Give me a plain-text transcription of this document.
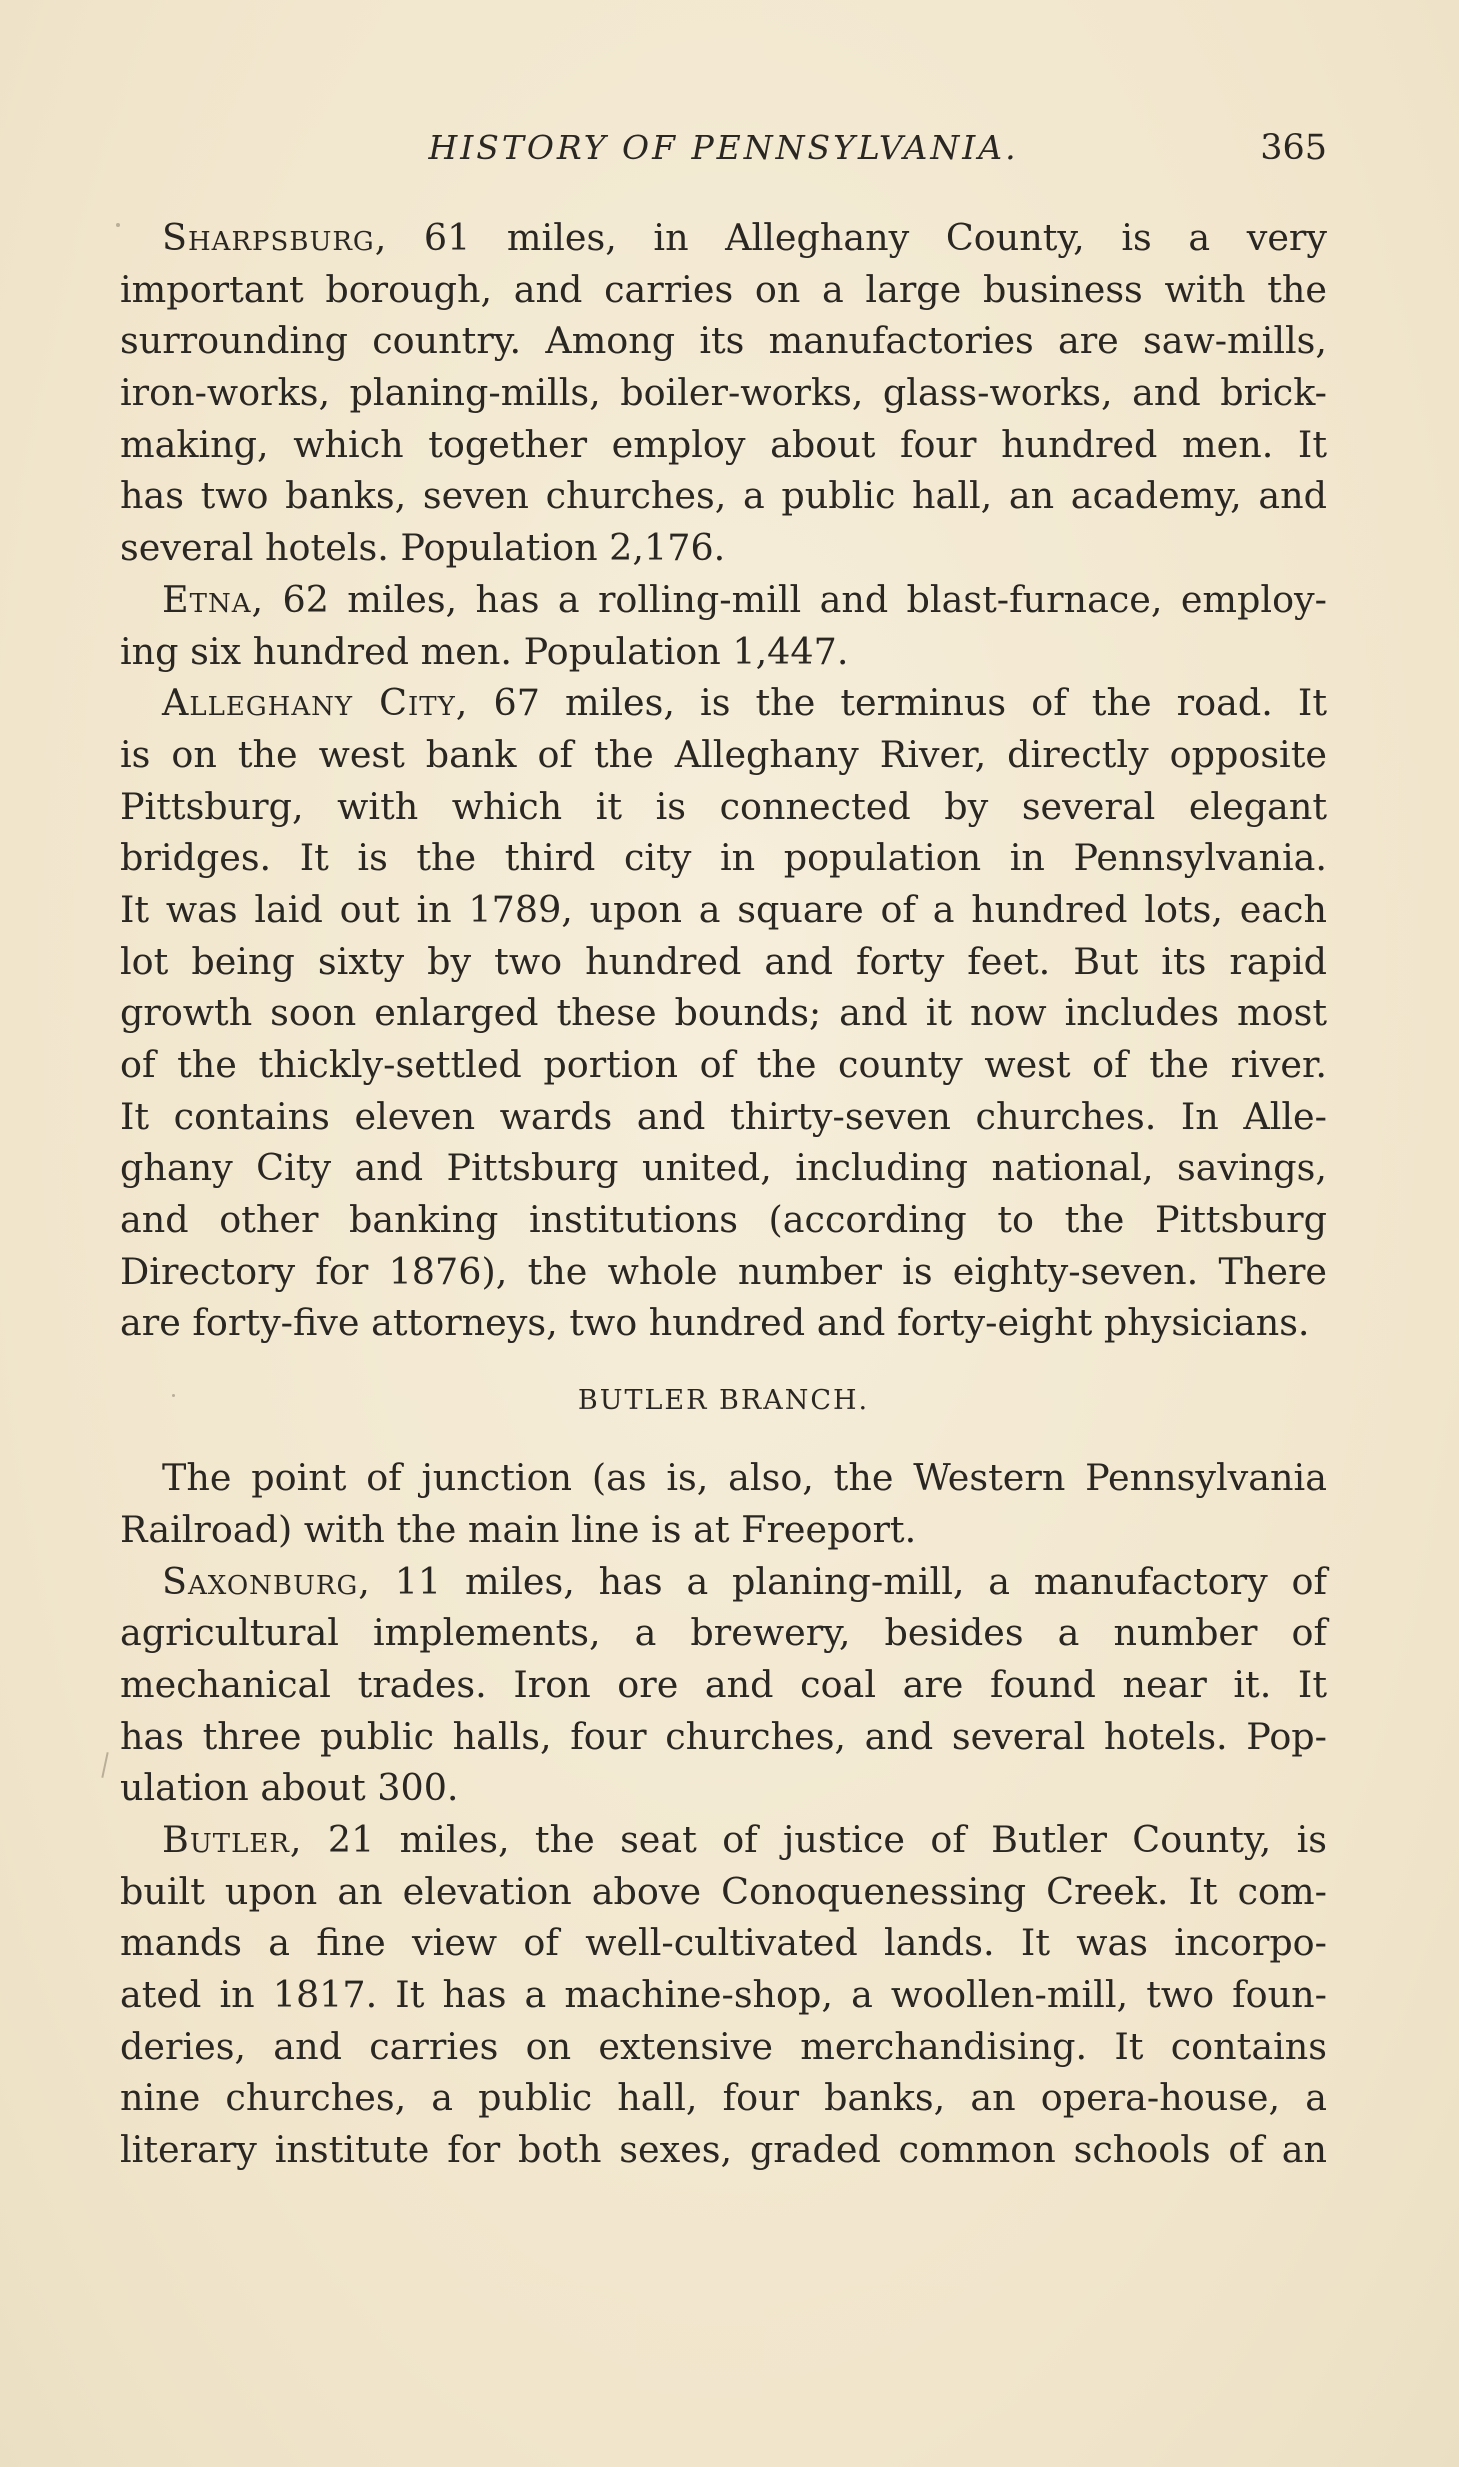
HISTORY OF PENNSYLVANIA.	365
Sharpsburg, 61 miles, in Alleghany County, is a very
important borough, and carries on a large business with the
surrounding country. Among its manufactories are saw-mills,
iron-works, planing-mills, boiler-works, glass-works, and brick-
making, which together employ about four hundred men. It
has two banks, seven churches, a public hall, an academy, and
several hotels. Population 2,176.
Etna, 62 miles, has a rolling-mill and blast-furnace, employ-
ing six hundred men. Population 1,447.
Alleghany City, 67 miles, is the terminus of the road. It
is on the west bank of the Alleghany River, directly opposite
Pittsburg, with which it is connected by several elegant
bridges. It is the third city in population in Pennsylvania.
It was laid out in 1789, upon a square of a hundred lots, each
lot being sixty by two hundred and forty feet. But its rapid
growth soon enlarged these bounds; and it now includes most
of the thickly-settled portion of the county west of the river.
It contains eleven wards and thirty-seven churches. In Alle-
ghany City and Pittsburg united, including national, savings,
and other banking institutions (according to the Pittsburg
Directory for 1876), the whole number is eighty-seven. There
are forty-five attorneys, two hundred and forty-eight physicians.
BUTLER BRANCH.
The point of junction (as is, also, the Western Pennsylvania
Railroad) with the main line is at Freeport.
Saxonburg, 11 miles, has a planing-mill, a manufactory of
agricultural implements, a brewery, besides a number of
mechanical trades. Iron ore and coal are found near it. It
has three public halls, four churches, and several hotels. Pop-
ulation about 300.
Butler, 21 miles, the seat of justice of Butler County, is
built upon an elevation above Conoquenessing Creek. It com-
mands a fine view of well-cultivated lands. It was incorpo-
ated in 1817. It has a machine-shop, a woollen-mill, two foun-
deries, and carries on extensive merchandising. It contains
nine churches, a public hall, four banks, an opera-house, a
literary institute for both sexes, graded common schools of an
